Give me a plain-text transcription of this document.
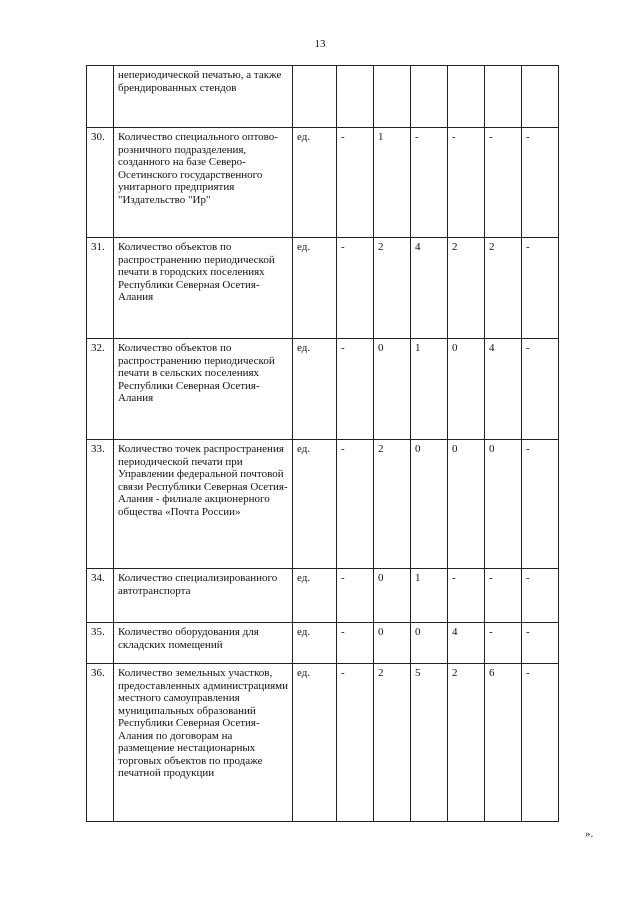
13
	непериодической печатью, а также брендированных стендов							
30.	Количество специального оптово-розничного подразделения, созданного на базе Северо-Осетинского государственного унитарного предприятия "Издательство "Ир"	ед.	-	1	-	-	-	-
31.	Количество объектов по распространению периодической печати в городских поселениях Республики Северная Осетия-Алания	ед.	-	2	4	2	2	-
32.	Количество объектов по распространению периодической печати в сельских поселениях Республики Северная Осетия-Алания	ед.	-	0	1	0	4	-
33.	Количество точек распространения периодической печати при Управлении федеральной почтовой связи Республики Северная Осетия-Алания - филиале акционерного общества «Почта России»	ед.	-	2	0	0	0	-
34.	Количество специализированного автотранспорта	ед.	-	0	1	-	-	-
35.	Количество оборудования для складских помещений	ед.	-	0	0	4	-	-
36.	Количество земельных участков, предоставленных администрациями местного самоуправления муниципальных образований Республики Северная Осетия-Алания по договорам на размещение нестационарных торговых объектов по продаже печатной продукции	ед.	-	2	5	2	6	-
».
